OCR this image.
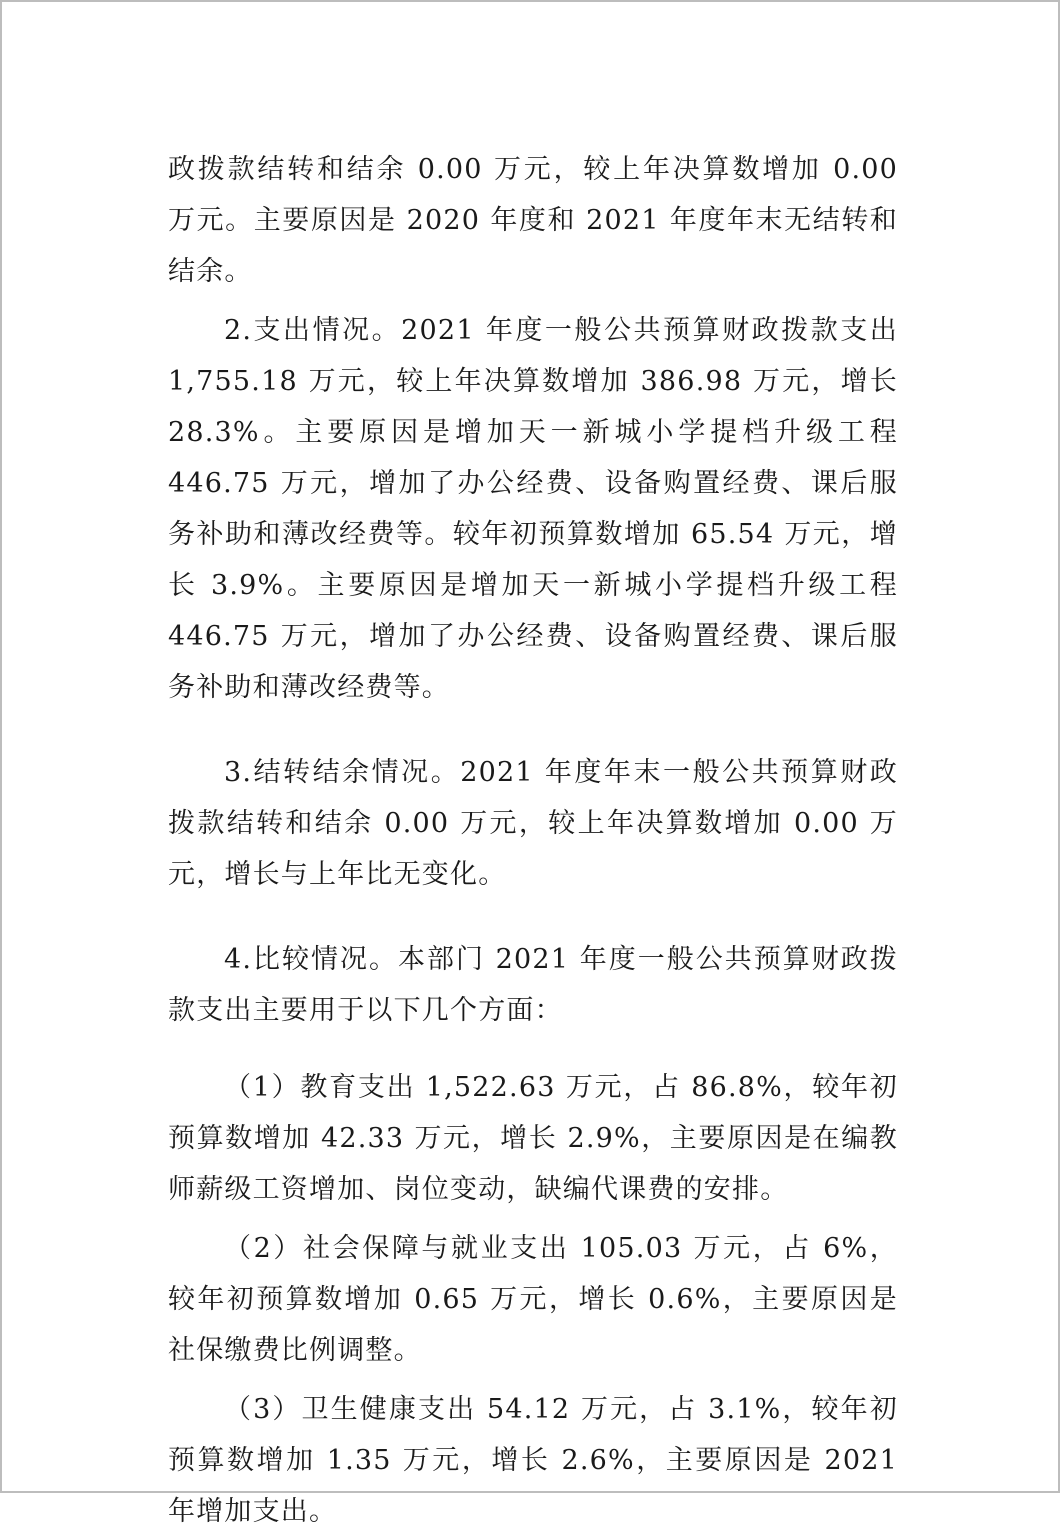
政拨款结转和结余 0.00 万元，较上年决算数增加 0.00 万元。主要原因是 2020 年度和 2021 年度年末无结转和结余。

2.支出情况。2021 年度一般公共预算财政拨款支出 1,755.18 万元，较上年决算数增加 386.98 万元，增长 28.3%。主要原因是增加天一新城小学提档升级工程 446.75 万元，增加了办公经费、设备购置经费、课后服务补助和薄改经费等。较年初预算数增加 65.54 万元，增长 3.9%。主要原因是增加天一新城小学提档升级工程 446.75 万元，增加了办公经费、设备购置经费、课后服务补助和薄改经费等。

3.结转结余情况。2021 年度年末一般公共预算财政拨款结转和结余 0.00 万元，较上年决算数增加 0.00 万元，增长与上年比无变化。

4.比较情况。本部门 2021 年度一般公共预算财政拨款支出主要用于以下几个方面：

（1）教育支出 1,522.63 万元，占 86.8%，较年初预算数增加 42.33 万元，增长 2.9%，主要原因是在编教师薪级工资增加、岗位变动，缺编代课费的安排。

（2）社会保障与就业支出 105.03 万元，占 6%，较年初预算数增加 0.65 万元，增长 0.6%，主要原因是社保缴费比例调整。

（3）卫生健康支出 54.12 万元，占 3.1%，较年初预算数增加 1.35 万元，增长 2.6%，主要原因是 2021 年增加支出。
